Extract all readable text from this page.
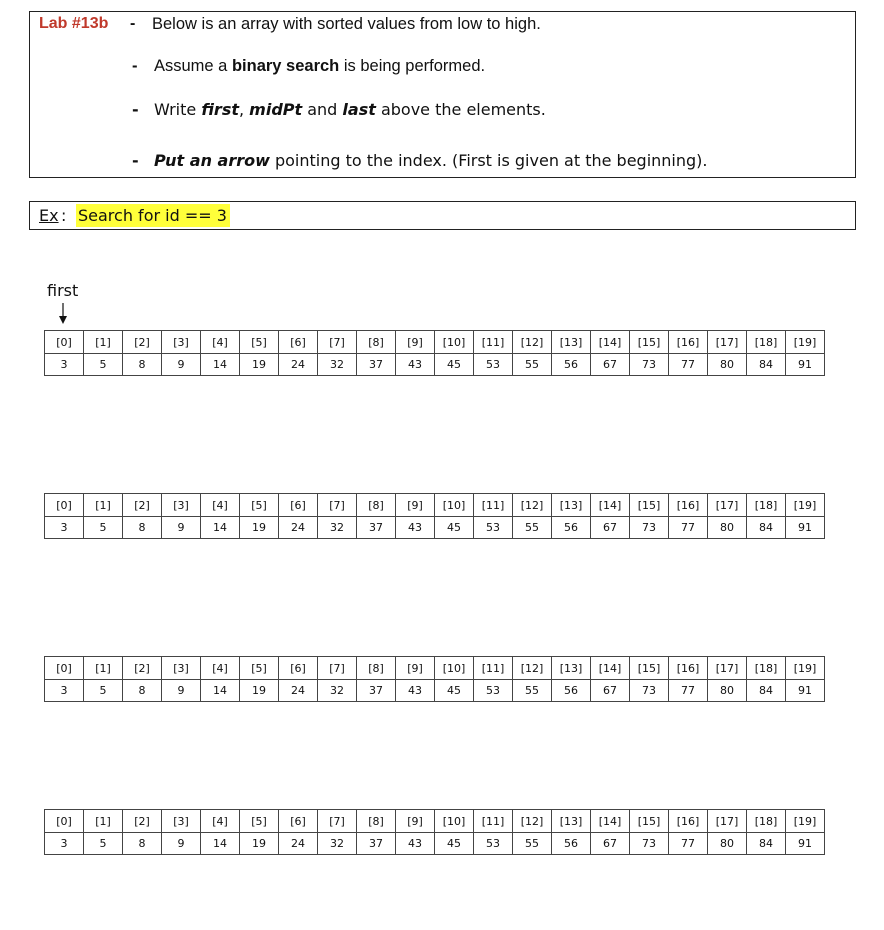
Lab #13b - Below is an array with sorted values from low to high.
- Assume a binary search is being performed.
- Write first, midPt and last above the elements.
- Put an arrow pointing to the index. (First is given at the beginning).
Ex : Search for id == 3
first
[0]	[1]	[2]	[3]	[4]	[5]	[6]	[7]	[8]	[9]	[10]	[11]	[12]	[13]	[14]	[15]	[16]	[17]	[18]	[19]
3	5	8	9	14	19	24	32	37	43	45	53	55	56	67	73	77	80	84	91
[0]	[1]	[2]	[3]	[4]	[5]	[6]	[7]	[8]	[9]	[10]	[11]	[12]	[13]	[14]	[15]	[16]	[17]	[18]	[19]
3	5	8	9	14	19	24	32	37	43	45	53	55	56	67	73	77	80	84	91
[0]	[1]	[2]	[3]	[4]	[5]	[6]	[7]	[8]	[9]	[10]	[11]	[12]	[13]	[14]	[15]	[16]	[17]	[18]	[19]
3	5	8	9	14	19	24	32	37	43	45	53	55	56	67	73	77	80	84	91
[0]	[1]	[2]	[3]	[4]	[5]	[6]	[7]	[8]	[9]	[10]	[11]	[12]	[13]	[14]	[15]	[16]	[17]	[18]	[19]
3	5	8	9	14	19	24	32	37	43	45	53	55	56	67	73	77	80	84	91
